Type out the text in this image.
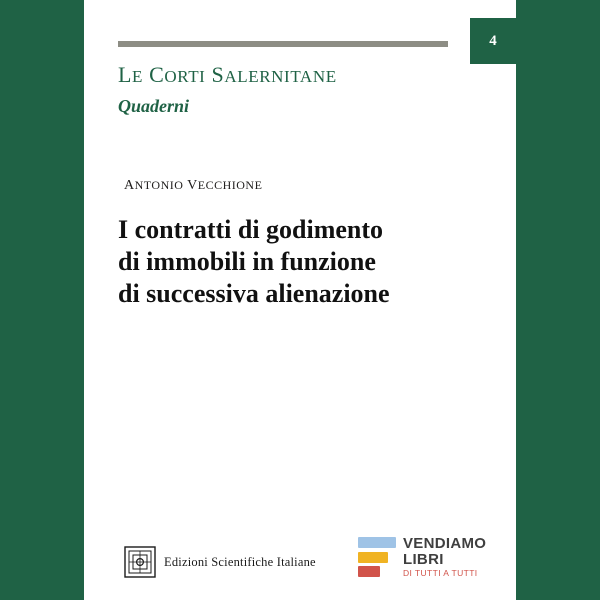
4
LE CORTI SALERNITANE
Quaderni
ANTONIO VECCHIONE
I contratti di godimento
di immobili in funzione
di successiva alienazione
Edizioni Scientifiche Italiane
VENDIAMO
LIBRI
DI TUTTI A TUTTI
